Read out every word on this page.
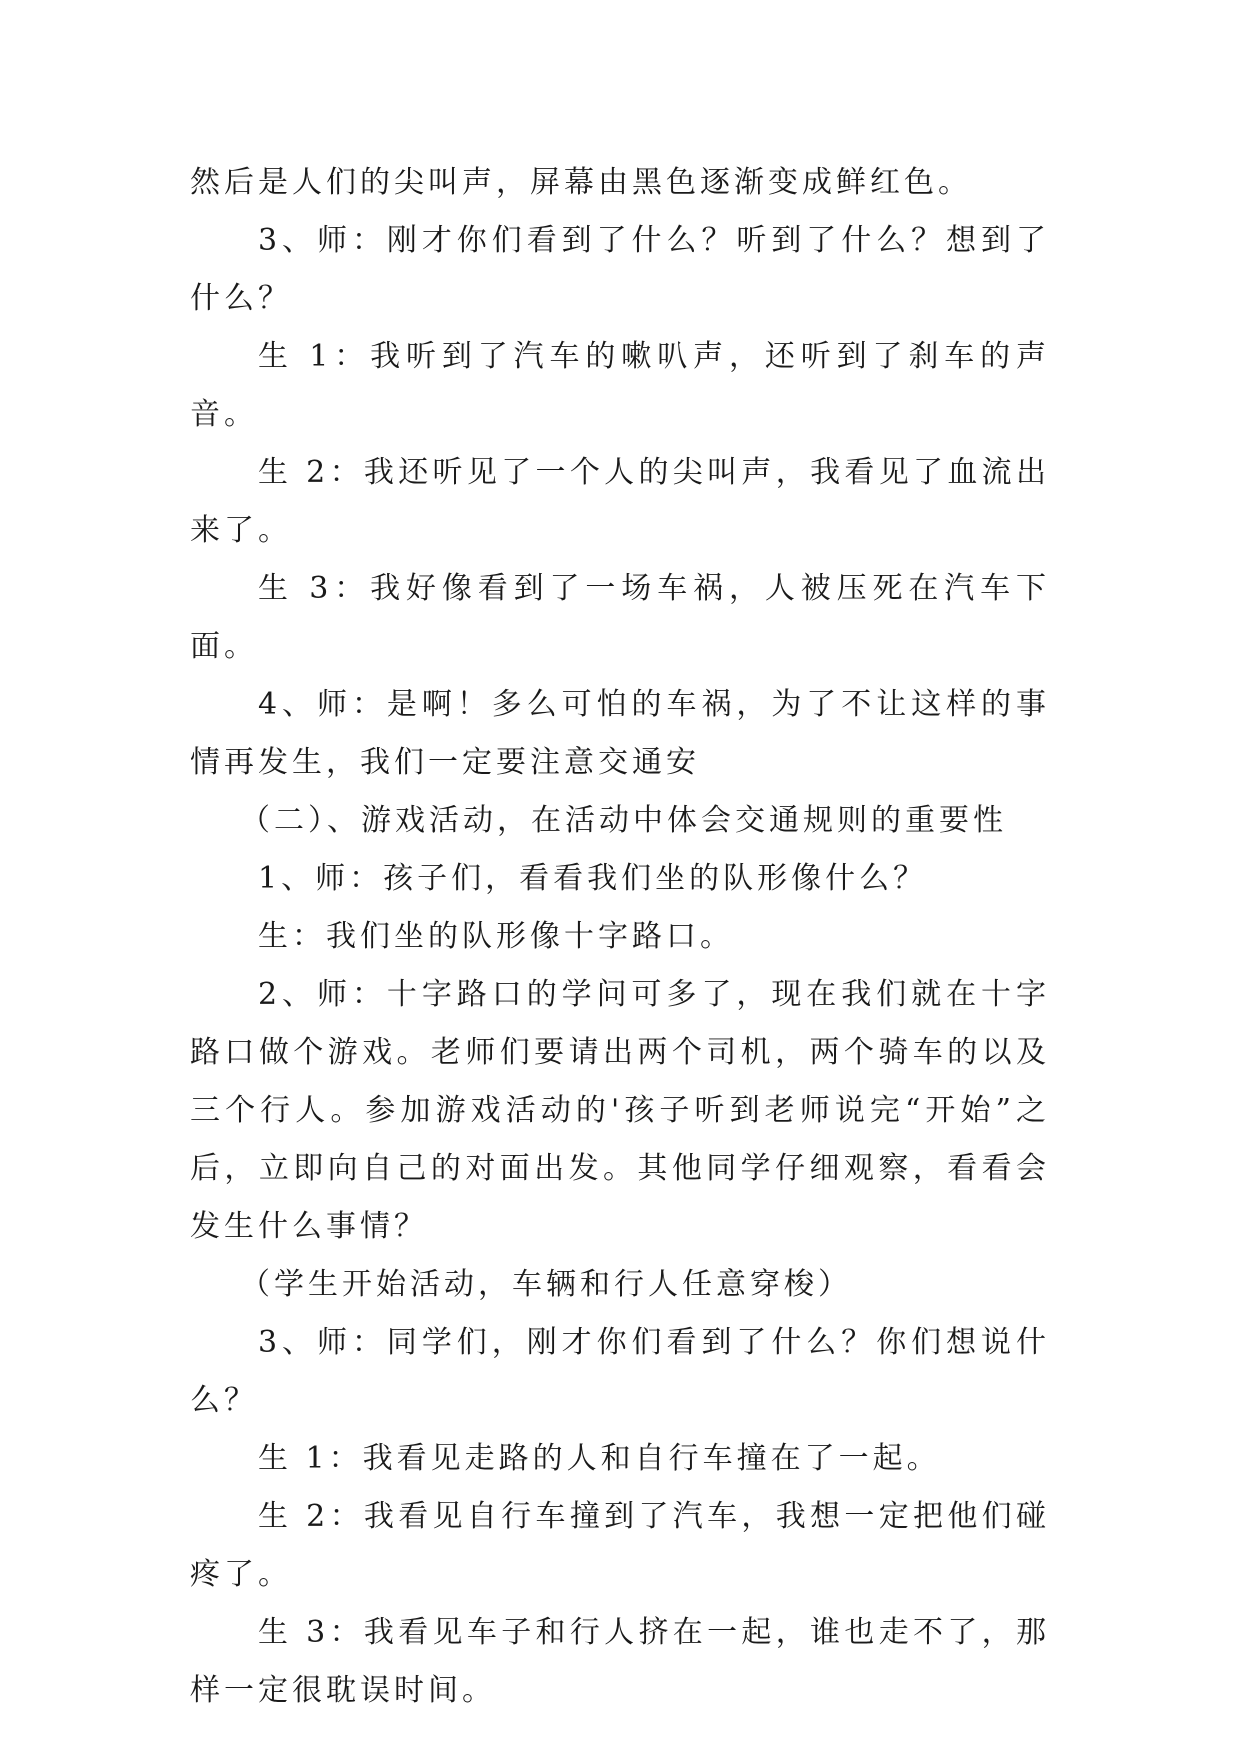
然后是人们的尖叫声，屏幕由黑色逐渐变成鲜红色。

3、师：刚才你们看到了什么？听到了什么？想到了什么？

生 1：我听到了汽车的嗽叭声，还听到了刹车的声音。

生 2：我还听见了一个人的尖叫声，我看见了血流出来了。

生 3：我好像看到了一场车祸，人被压死在汽车下面。

4、师：是啊！多么可怕的车祸，为了不让这样的事情再发生，我们一定要注意交通安

（二）、游戏活动，在活动中体会交通规则的重要性

1、师：孩子们，看看我们坐的队形像什么？

生：我们坐的队形像十字路口。

2、师：十字路口的学问可多了，现在我们就在十字路口做个游戏。老师们要请出两个司机，两个骑车的以及三个行人。参加游戏活动的'孩子听到老师说完“开始”之后，立即向自己的对面出发。其他同学仔细观察，看看会发生什么事情？

（学生开始活动，车辆和行人任意穿梭）

3、师：同学们，刚才你们看到了什么？你们想说什么？

生 1：我看见走路的人和自行车撞在了一起。

生 2：我看见自行车撞到了汽车，我想一定把他们碰疼了。

生 3：我看见车子和行人挤在一起，谁也走不了，那样一定很耽误时间。
